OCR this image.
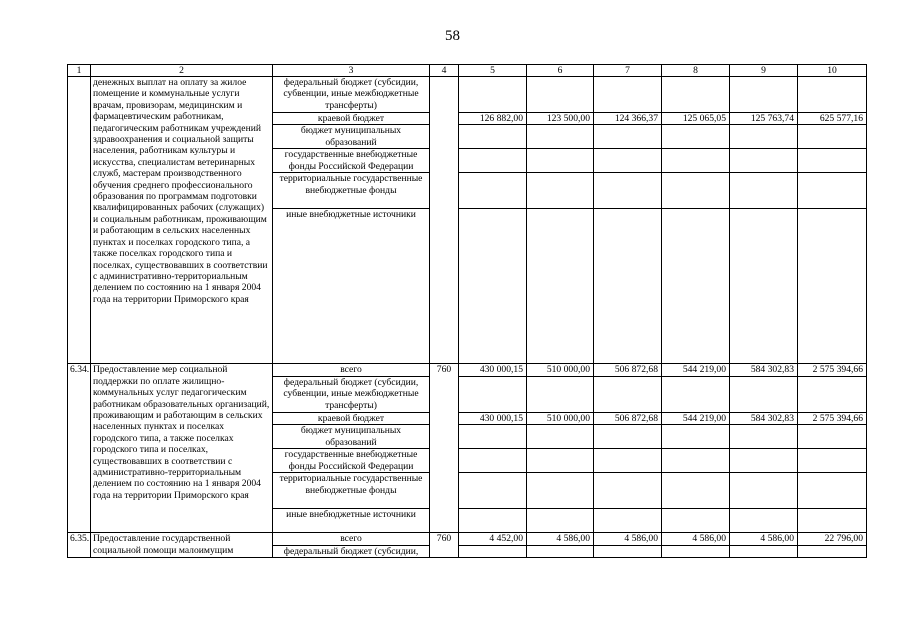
58
1	2	3	4	5	6	7	8	9	10
	денежных выплат на оплату за жилое помещение и коммунальные услуги врачам, провизорам, медицинским и фармацевтическим работникам, педагогическим работникам учреждений здравоохранения и социальной защиты населения, работникам культуры и искусства, специалистам ветеринарных служб, мастерам производственного обучения среднего профессионального образования по программам подготовки квалифицированных рабочих (служащих) и социальным работникам, проживающим и работающим в сельских населенных пунктах и поселках городского типа, а также поселках городского типа и поселках, существовавших в соответствии с административно-территориальным делением по состоянию на 1 января 2004 года на территории Приморского края	федеральный бюджет (субсидии, субвенции, иные межбюджетные трансферты)							
		краевой бюджет		126 882,00	123 500,00	124 366,37	125 065,05	125 763,74	625 577,16
		бюджет муниципальных образований							
		государственные внебюджетные фонды Российской Федерации							
		территориальные государственные внебюджетные фонды							
		иные внебюджетные источники							
6.34.	Предоставление мер социальной поддержки по оплате жилищно-коммунальных услуг педагогическим работникам образовательных организаций, проживающим и работающим в сельских населенных пунктах и поселках городского типа, а также поселках городского типа и поселках, существовавших в соответствии с административно-территориальным делением по состоянию на 1 января 2004 года на территории Приморского края	всего	760	430 000,15	510 000,00	506 872,68	544 219,00	584 302,83	2 575 394,66
		федеральный бюджет (субсидии, субвенции, иные межбюджетные трансферты)							
		краевой бюджет		430 000,15	510 000,00	506 872,68	544 219,00	584 302,83	2 575 394,66
		бюджет муниципальных образований							
		государственные внебюджетные фонды Российской Федерации							
		территориальные государственные внебюджетные фонды							
		иные внебюджетные источники							
6.35.	Предоставление государственной социальной помощи малоимущим	всего	760	4 452,00	4 586,00	4 586,00	4 586,00	4 586,00	22 796,00
		федеральный бюджет (субсидии,							
